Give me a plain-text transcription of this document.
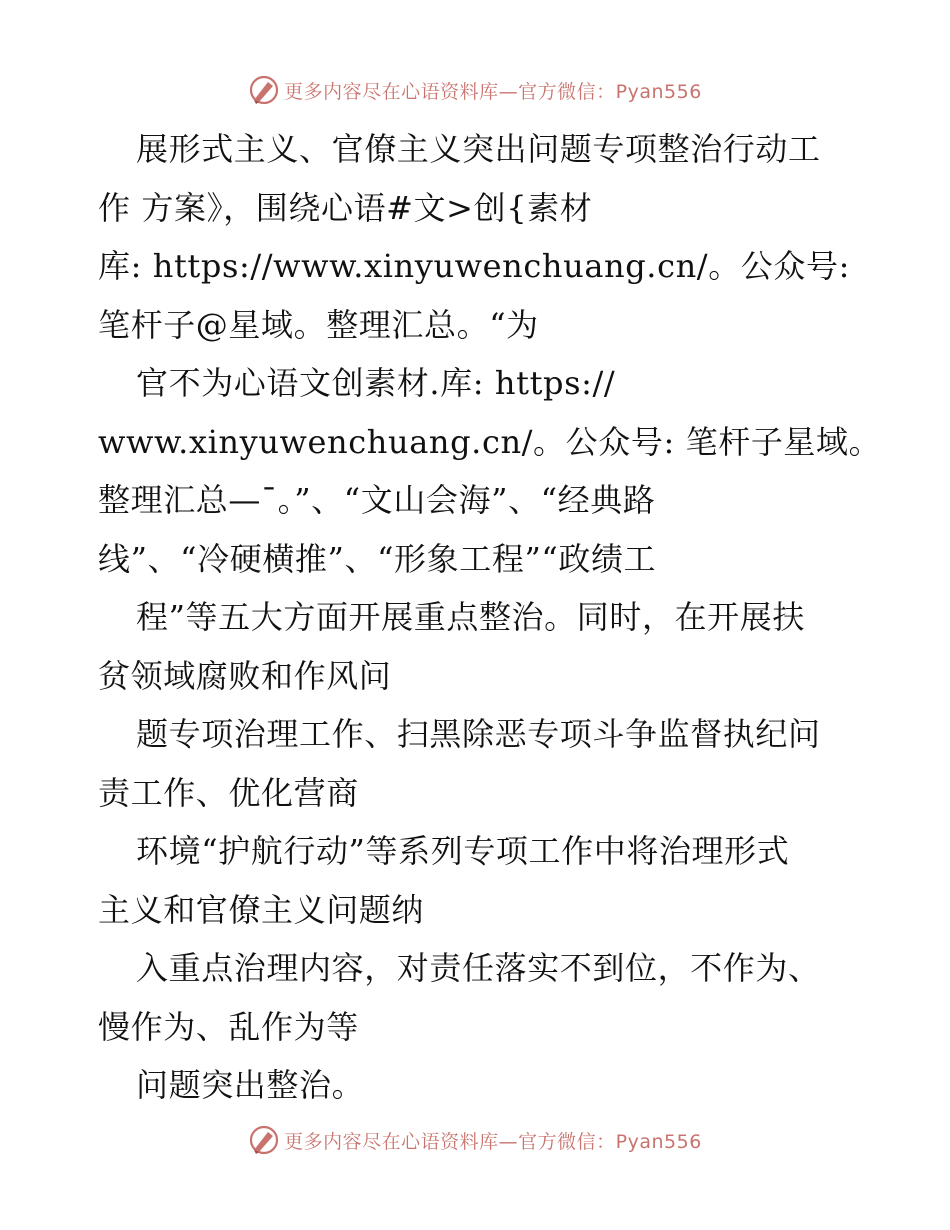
更多内容尽在心语资料库—官方微信：Pyan556
展形式主义、官僚主义突出问题专项整治行动工
作 方案》，围绕心语#文>创{素材
库: https://www.xinyuwenchuang.cn/。公众号:
笔杆子@星域。整理汇总。“为
官不为心语文创素材.库: https://
www.xinyuwenchuang.cn/。公众号: 笔杆子星域。
整理汇总—¯。”、“文山会海”、“经典路
线”、“冷硬横推”、“形象工程”“政绩工
程”等五大方面开展重点整治。同时，在开展扶
贫领域腐败和作风问
题专项治理工作、扫黑除恶专项斗争监督执纪问
责工作、优化营商
环境“护航行动”等系列专项工作中将治理形式
主义和官僚主义问题纳
入重点治理内容，对责任落实不到位，不作为、
慢作为、乱作为等
问题突出整治。
更多内容尽在心语资料库—官方微信：Pyan556
